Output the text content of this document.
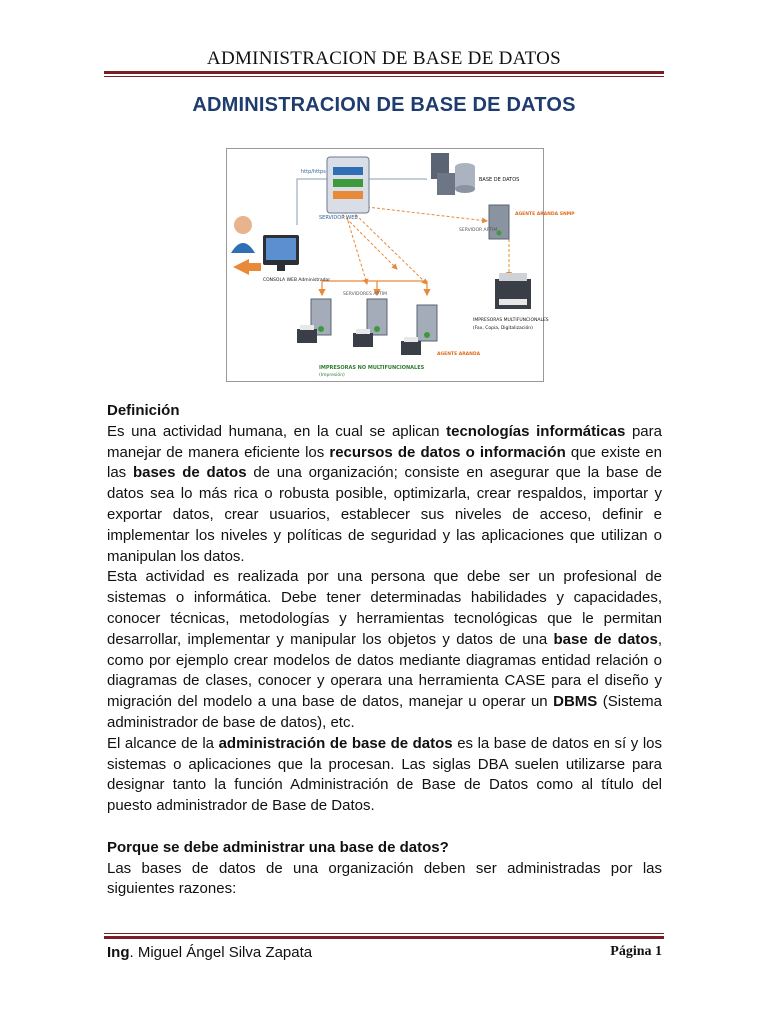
ADMINISTRACION DE BASE DE DATOS
ADMINISTRACION DE BASE DE DATOS
SERVIDOR WEB
http/https
BASE DE DATOS
SERVIDOR APTIM
AGENTE ARANDA SNMP
CONSOLA WEB Administrador
SERVIDORES APTIM
AGENTE ARANDA
IMPRESORAS NO MULTIFUNCIONALES
(Impresión)
IMPRESORAS MULTIFUNCIONALES
(Fax, Copia, Digitalización)

Definición

Es una actividad humana, en la cual se aplican tecnologías informáticas para manejar de manera eficiente los recursos de datos o información que existe en las bases de datos de una organización; consiste en asegurar que la base de datos sea lo más rica o robusta posible, optimizarla, crear respaldos, importar y exportar datos, crear usuarios, establecer sus niveles de acceso, definir e implementar los niveles y políticas de seguridad y las aplicaciones que utilizan o manipulan los datos.

Esta actividad es realizada por una persona que debe ser un profesional de sistemas o informática. Debe tener determinadas habilidades y capacidades, conocer técnicas, metodologías y herramientas tecnológicas que le permitan desarrollar, implementar y manipular los objetos y datos de una base de datos, como por ejemplo crear modelos de datos mediante diagramas entidad relación o diagramas de clases, conocer y operara una herramienta CASE para el diseño y migración del modelo a una base de datos, manejar u operar un DBMS (Sistema administrador de base de datos), etc.

El alcance de la administración de base de datos es la base de datos en sí y los sistemas o aplicaciones que la procesan. Las siglas DBA suelen utilizarse para designar tanto la función Administración de Base de Datos como al título del puesto administrador de Base de Datos.

Porque se debe administrar una base de datos?

Las bases de datos de una organización deben ser administradas por las siguientes razones:

Ing. Miguel Ángel Silva Zapata	Página 1
